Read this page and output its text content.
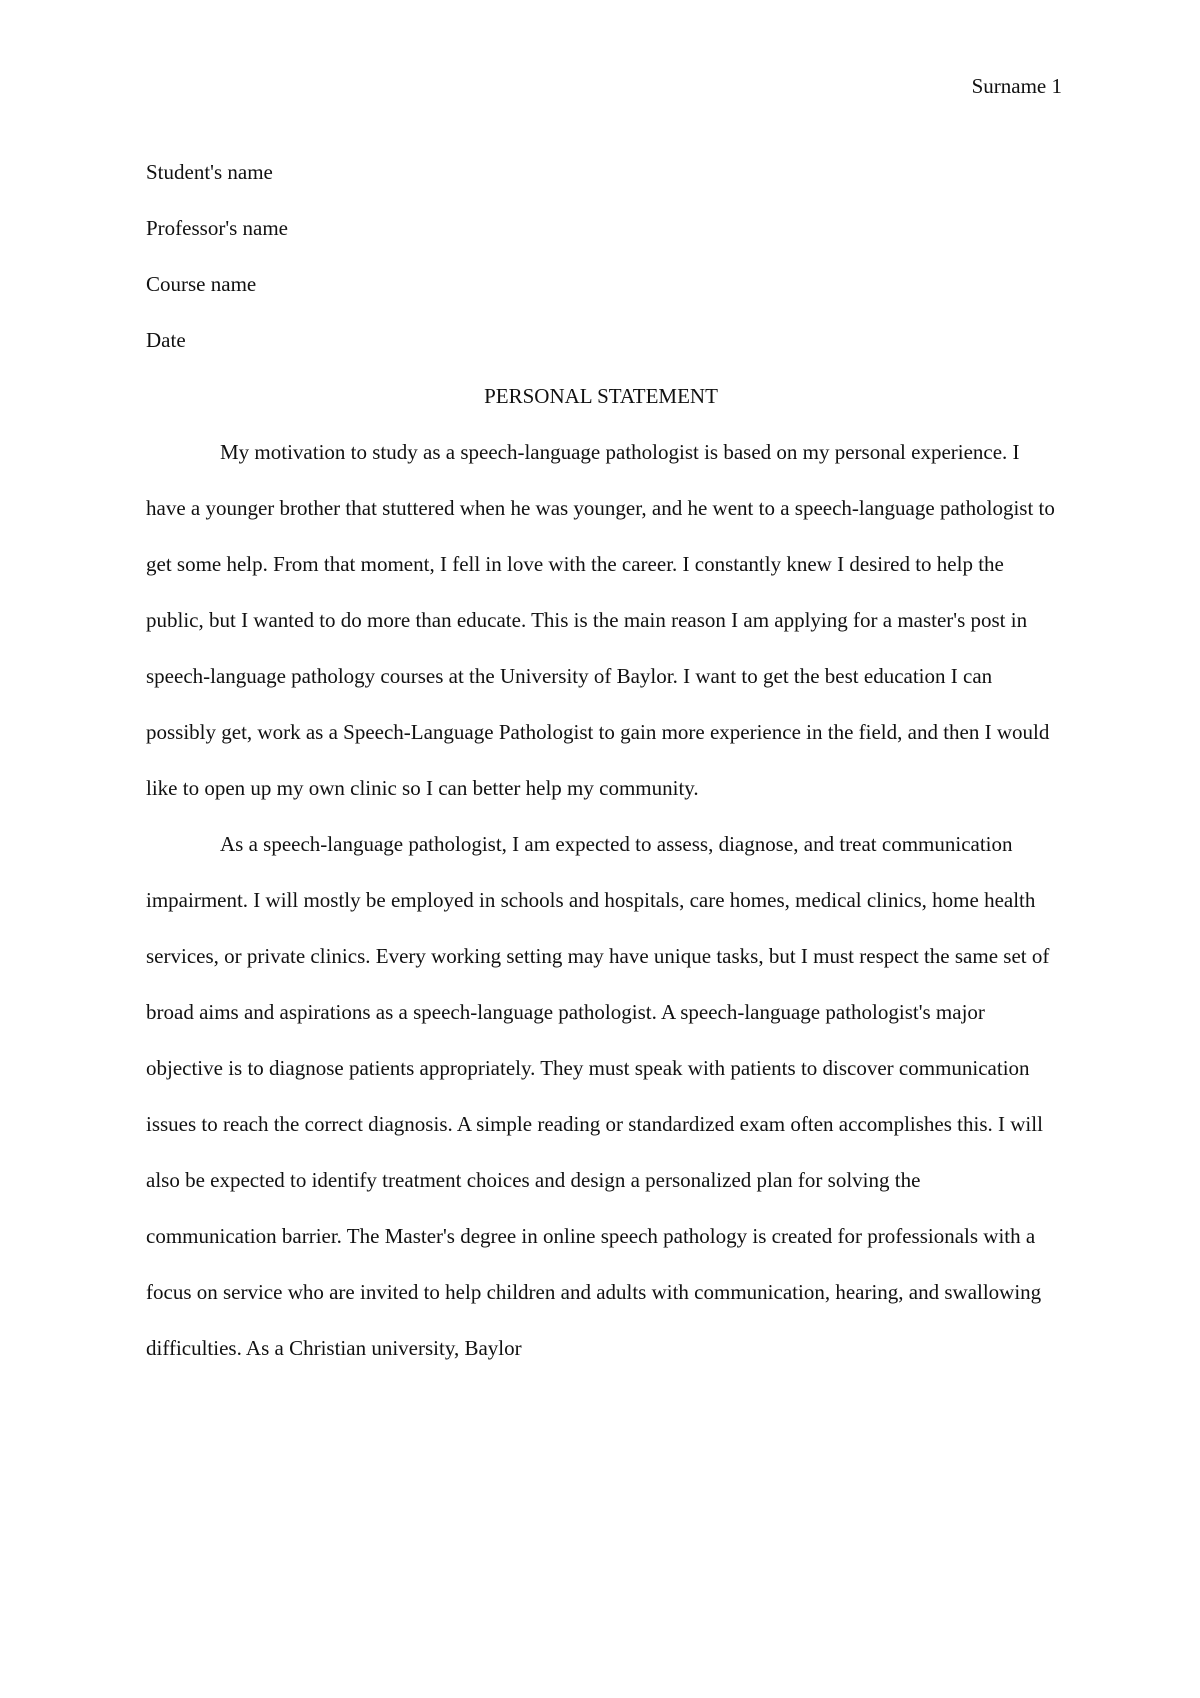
Surname 1
Student's name
Professor's name
Course name
Date
PERSONAL STATEMENT

My motivation to study as a speech-language pathologist is based on my personal experience. I have a younger brother that stuttered when he was younger, and he went to a speech-language pathologist to get some help. From that moment, I fell in love with the career. I constantly knew I desired to help the public, but I wanted to do more than educate. This is the main reason I am applying for a master's post in speech-language pathology courses at the University of Baylor. I want to get the best education I can possibly get, work as a Speech-Language Pathologist to gain more experience in the field, and then I would like to open up my own clinic so I can better help my community.

As a speech-language pathologist, I am expected to assess, diagnose, and treat communication impairment. I will mostly be employed in schools and hospitals, care homes, medical clinics, home health services, or private clinics. Every working setting may have unique tasks, but I must respect the same set of broad aims and aspirations as a speech-language pathologist. A speech-language pathologist's major objective is to diagnose patients appropriately. They must speak with patients to discover communication issues to reach the correct diagnosis. A simple reading or standardized exam often accomplishes this. I will also be expected to identify treatment choices and design a personalized plan for solving the communication barrier. The Master's degree in online speech pathology is created for professionals with a focus on service who are invited to help children and adults with communication, hearing, and swallowing difficulties. As a Christian university, Baylor
